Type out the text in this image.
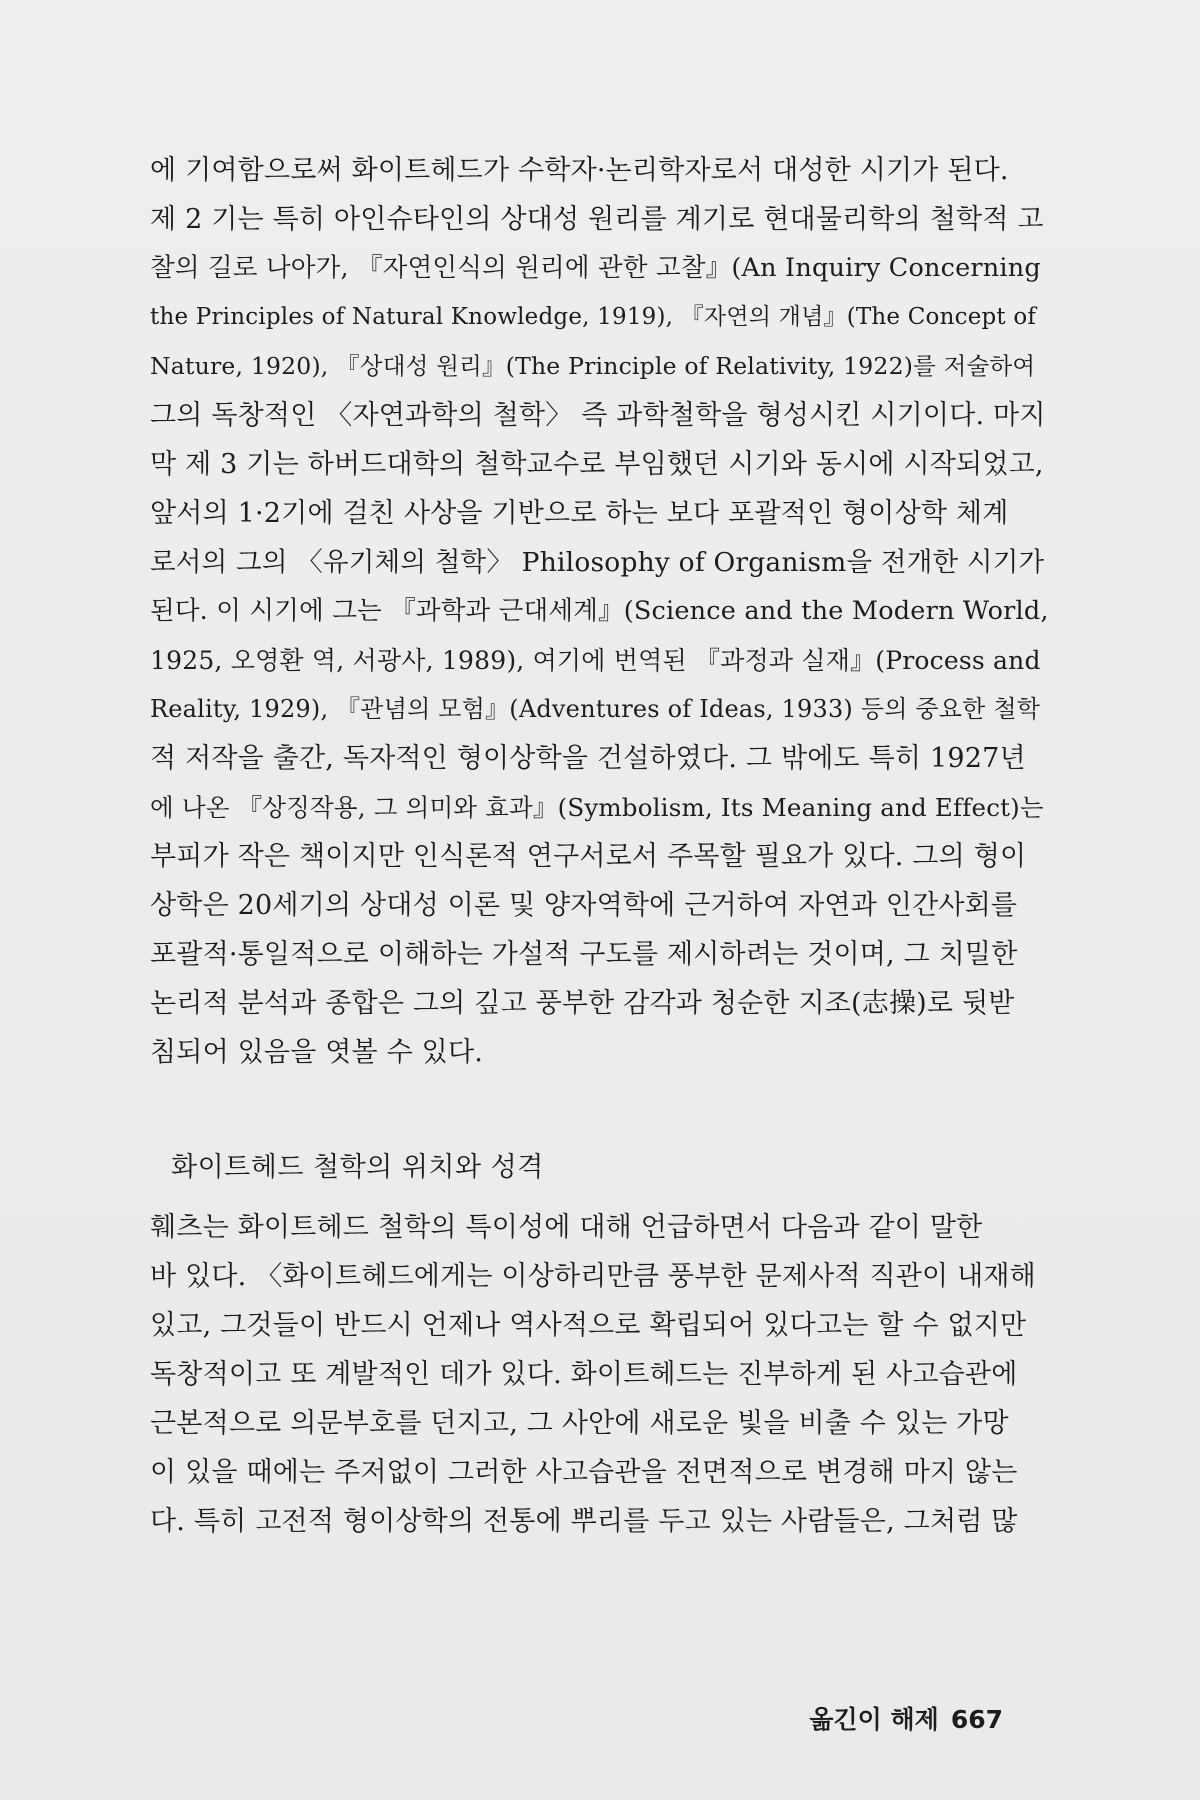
에 기여함으로써 화이트헤드가 수학자·논리학자로서 대성한 시기가 된다.
제 2 기는 특히 아인슈타인의 상대성 원리를 계기로 현대물리학의 철학적 고
찰의 길로 나아가, 『자연인식의 원리에 관한 고찰』(An Inquiry Concerning
the Principles of Natural Knowledge, 1919), 『자연의 개념』(The Concept of
Nature, 1920), 『상대성 원리』(The Principle of Relativity, 1922)를 저술하여
그의 독창적인 〈자연과학의 철학〉 즉 과학철학을 형성시킨 시기이다. 마지
막 제 3 기는 하버드대학의 철학교수로 부임했던 시기와 동시에 시작되었고,
앞서의 1·2기에 걸친 사상을 기반으로 하는 보다 포괄적인 형이상학 체계
로서의 그의 〈유기체의 철학〉 Philosophy of Organism을 전개한 시기가
된다. 이 시기에 그는 『과학과 근대세계』(Science and the Modern World,
1925, 오영환 역, 서광사, 1989), 여기에 번역된 『과정과 실재』(Process and
Reality, 1929), 『관념의 모험』(Adventures of Ideas, 1933) 등의 중요한 철학
적 저작을 출간, 독자적인 형이상학을 건설하였다. 그 밖에도 특히 1927년
에 나온 『상징작용, 그 의미와 효과』(Symbolism, Its Meaning and Effect)는
부피가 작은 책이지만 인식론적 연구서로서 주목할 필요가 있다. 그의 형이
상학은 20세기의 상대성 이론 및 양자역학에 근거하여 자연과 인간사회를
포괄적·통일적으로 이해하는 가설적 구도를 제시하려는 것이며, 그 치밀한
논리적 분석과 종합은 그의 깊고 풍부한 감각과 청순한 지조(志操)로 뒷받
침되어 있음을 엿볼 수 있다.
화이트헤드 철학의 위치와 성격
훼츠는 화이트헤드 철학의 특이성에 대해 언급하면서 다음과 같이 말한
바 있다. 〈화이트헤드에게는 이상하리만큼 풍부한 문제사적 직관이 내재해
있고, 그것들이 반드시 언제나 역사적으로 확립되어 있다고는 할 수 없지만
독창적이고 또 계발적인 데가 있다. 화이트헤드는 진부하게 된 사고습관에
근본적으로 의문부호를 던지고, 그 사안에 새로운 빛을 비출 수 있는 가망
이 있을 때에는 주저없이 그러한 사고습관을 전면적으로 변경해 마지 않는
다. 특히 고전적 형이상학의 전통에 뿌리를 두고 있는 사람들은, 그처럼 많
옮긴이 해제 667
